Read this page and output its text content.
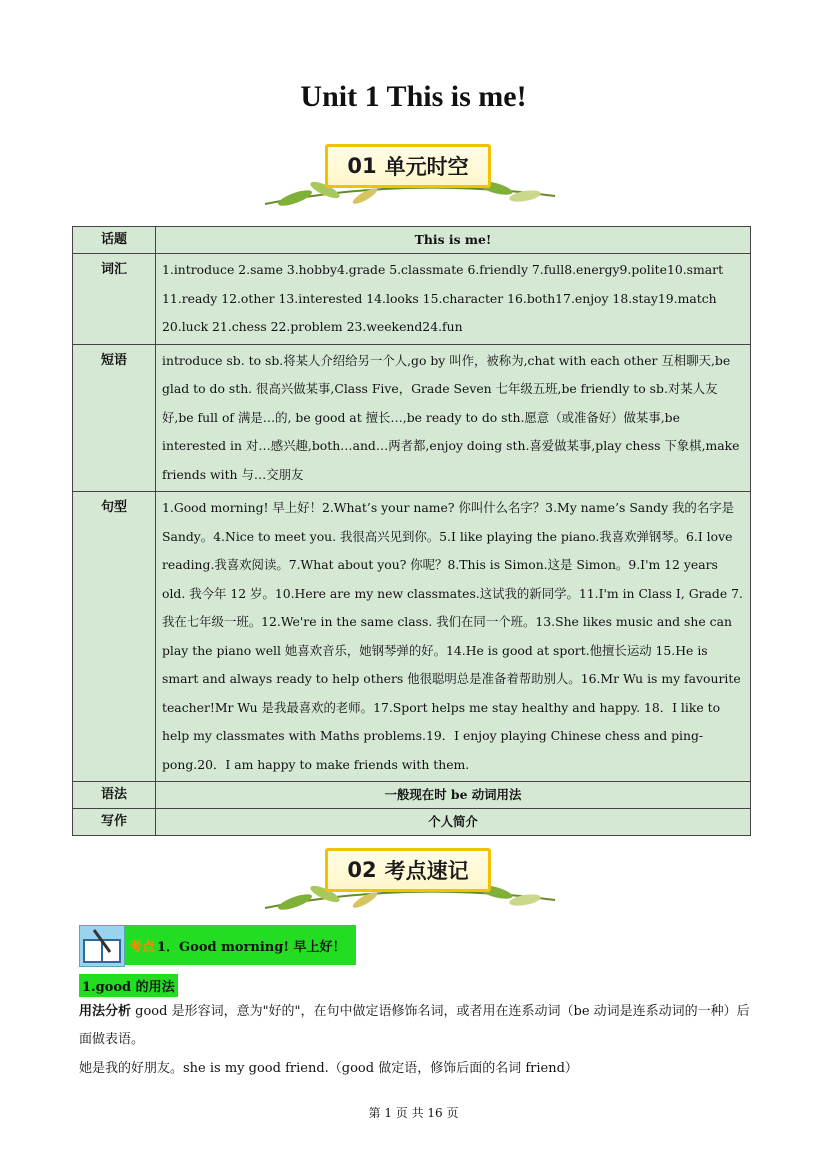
Unit 1 This is me!
01 单元时空
话题	This is me!
词汇	1.introduce 2.same 3.hobby4.grade 5.classmate 6.friendly 7.full8.energy9.polite10.smart 11.ready 12.other 13.interested 14.looks 15.character 16.both17.enjoy 18.stay19.match 20.luck 21.chess 22.problem 23.weekend24.fun
短语	introduce sb. to sb.将某人介绍给另一个人,go by 叫作，被称为,chat with each other 互相聊天,be glad to do sth. 很高兴做某事,Class Five，Grade Seven 七年级五班,be friendly to sb.对某人友好,be full of 满是…的, be good at 擅长…,be ready to do sth.愿意（或准备好）做某事,be interested in 对…感兴趣,both…and…两者都,enjoy doing sth.喜爱做某事,play chess 下象棋,make friends with 与…交朋友
句型	1.Good morning! 早上好！2.What’s your name? 你叫什么名字？3.My name’s Sandy 我的名字是 Sandy。4.Nice to meet you. 我很高兴见到你。5.I like playing the piano.我喜欢弹钢琴。6.I love reading.我喜欢阅读。7.What about you? 你呢？8.This is Simon.这是 Simon。9.I'm 12 years old. 我今年 12 岁。10.Here are my new classmates.这试我的新同学。11.I'm in Class I, Grade 7.我在七年级一班。12.We're in the same class. 我们在同一个班。13.She likes music and she can play the piano well 她喜欢音乐，她钢琴弹的好。14.He is good at sport.他擅长运动 15.He is smart and always ready to help others 他很聪明总是准备着帮助别人。16.Mr Wu is my favourite teacher!Mr Wu 是我最喜欢的老师。17.Sport helps me stay healthy and happy. 18．I like to help my classmates with Maths problems.19．I enjoy playing Chinese chess and ping-pong.20．I am happy to make friends with them.
语法	一般现在时 be 动词用法
写作	个人简介
02 考点速记
考点 1．Good morning! 早上好！
1.good 的用法
用法分析 good 是形容词，意为"好的"，在句中做定语修饰名词，或者用在连系动词（be 动词是连系动词的一种）后面做表语。
她是我的好朋友。she is my good friend.（good 做定语，修饰后面的名词 friend）
第 1 页 共 16 页
